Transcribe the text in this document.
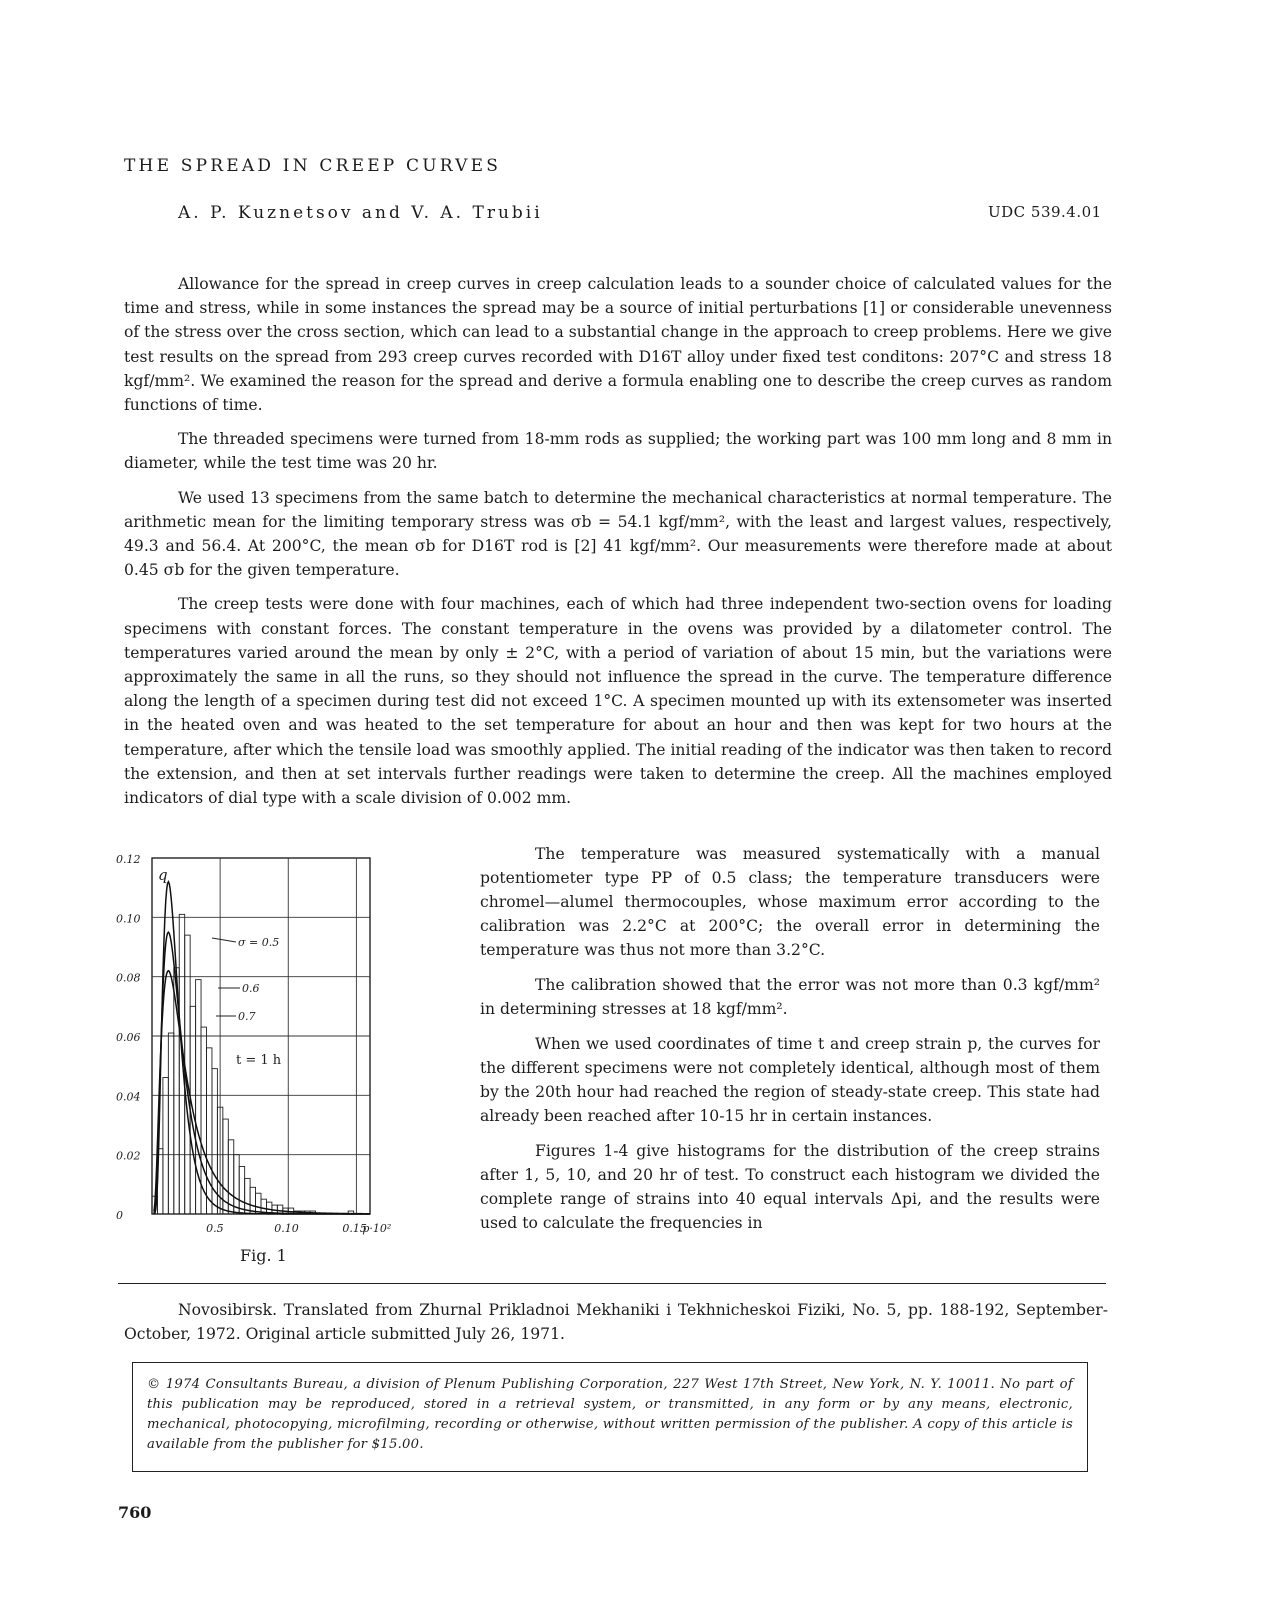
THE SPREAD IN CREEP CURVES
A. P. Kuznetsov and V. A. Trubii	UDC 539.4.01

Allowance for the spread in creep curves in creep calculation leads to a sounder choice of calculated values for the time and stress, while in some instances the spread may be a source of initial perturbations [1] or considerable unevenness of the stress over the cross section, which can lead to a substantial change in the approach to creep problems. Here we give test results on the spread from 293 creep curves recorded with D16T alloy under fixed test conditons: 207°C and stress 18 kgf/mm². We examined the reason for the spread and derive a formula enabling one to describe the creep curves as random functions of time.

The threaded specimens were turned from 18-mm rods as supplied; the working part was 100 mm long and 8 mm in diameter, while the test time was 20 hr.

We used 13 specimens from the same batch to determine the mechanical characteristics at normal temperature. The arithmetic mean for the limiting temporary stress was σb = 54.1 kgf/mm², with the least and largest values, respectively, 49.3 and 56.4. At 200°C, the mean σb for D16T rod is [2] 41 kgf/mm². Our measurements were therefore made at about 0.45 σb for the given temperature.

The creep tests were done with four machines, each of which had three independent two-section ovens for loading specimens with constant forces. The constant temperature in the ovens was provided by a dilatometer control. The temperatures varied around the mean by only ± 2°C, with a period of variation of about 15 min, but the variations were approximately the same in all the runs, so they should not influence the spread in the curve. The temperature difference along the length of a specimen during test did not exceed 1°C. A specimen mounted up with its extensometer was inserted in the heated oven and was heated to the set temperature for about an hour and then was kept for two hours at the temperature, after which the tensile load was smoothly applied. The initial reading of the indicator was then taken to record the extension, and then at set intervals further readings were taken to determine the creep. All the machines employed indicators of dial type with a scale division of 0.002 mm.

0.12
0.10
0.08
0.06
0.04
0.02
0
0.5	0.10	0.15
p·10²
q
σ = 0.5
0.6
0.7
t = 1 h
Fig. 1

The temperature was measured systematically with a manual potentiometer type PP of 0.5 class; the temperature transducers were chromel—alumel thermocouples, whose maximum error according to the calibration was 2.2°C at 200°C; the overall error in determining the temperature was thus not more than 3.2°C.

The calibration showed that the error was not more than 0.3 kgf/mm² in determining stresses at 18 kgf/mm².

When we used coordinates of time t and creep strain p, the curves for the different specimens were not completely identical, although most of them by the 20th hour had reached the region of steady-state creep. This state had already been reached after 10-15 hr in certain instances.

Figures 1-4 give histograms for the distribution of the creep strains after 1, 5, 10, and 20 hr of test. To construct each histogram we divided the complete range of strains into 40 equal intervals Δpi, and the results were used to calculate the frequencies in

Novosibirsk. Translated from Zhurnal Prikladnoi Mekhaniki i Tekhnicheskoi Fiziki, No. 5, pp. 188-192, September-October, 1972. Original article submitted July 26, 1971.

© 1974 Consultants Bureau, a division of Plenum Publishing Corporation, 227 West 17th Street, New York, N. Y. 10011. No part of this publication may be reproduced, stored in a retrieval system, or transmitted, in any form or by any means, electronic, mechanical, photocopying, microfilming, recording or otherwise, without written permission of the publisher. A copy of this article is available from the publisher for $15.00.

760
